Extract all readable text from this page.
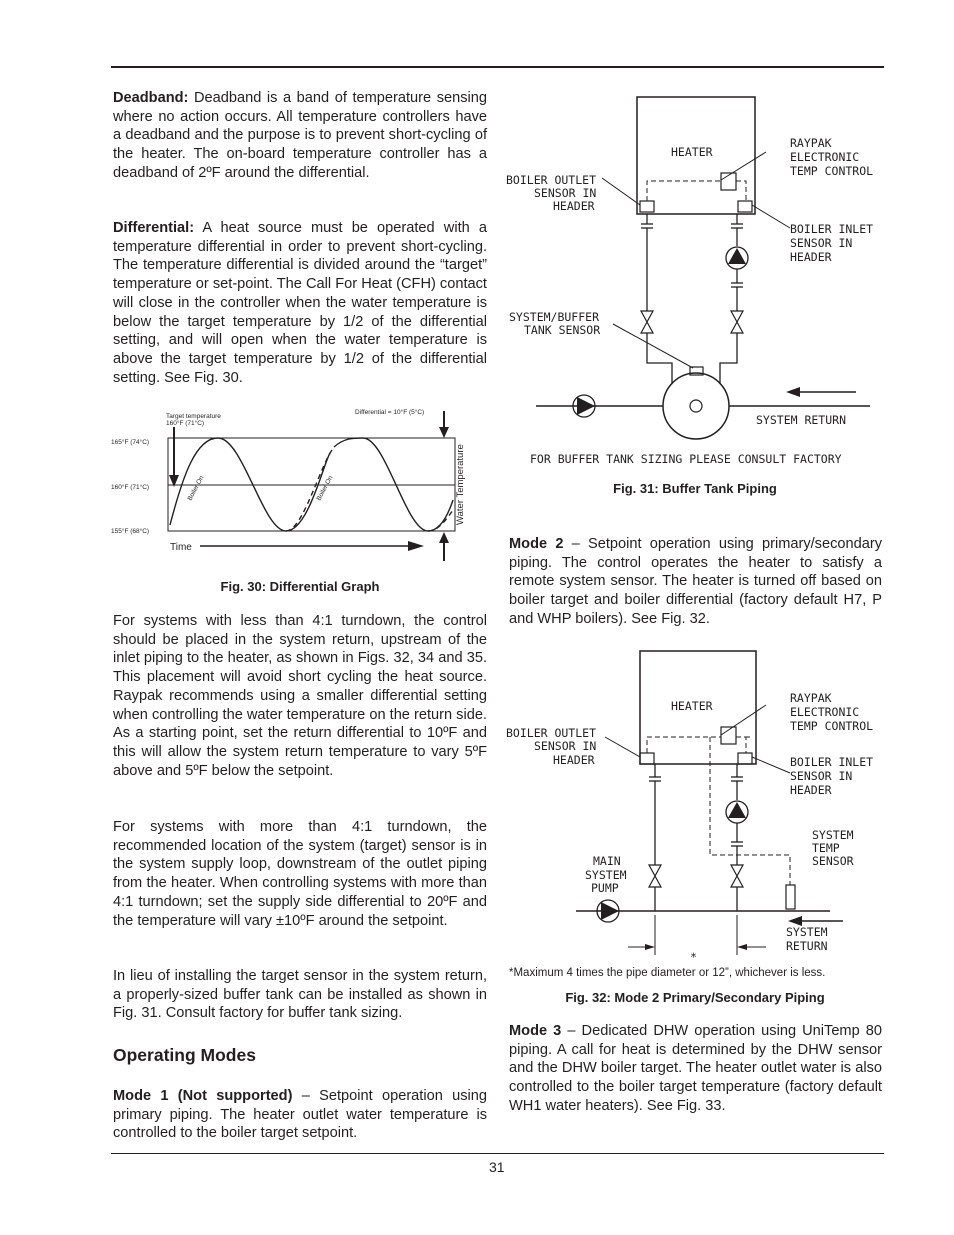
Deadband: Deadband is a band of temperature sensing where no action occurs. All temperature controllers have a deadband and the purpose is to prevent short-cycling of the heater. The on-board temperature controller has a deadband of 2ºF around the differential.

Differential: A heat source must be operated with a temperature differential in order to prevent short-cycling. The temperature differential is divided around the “target” temperature or set-point. The Call For Heat (CFH) contact will close in the controller when the water temperature is below the target temperature by 1/2 of the differential setting, and will open when the water temperature is above the target temperature by 1/2 of the differential setting. See Fig. 30.

Target temperature
160°F (71°C)
Differential = 10°F (5°C)
165°F (74°C)
160°F (71°C)
155°F (68°C)
Boiler On	Boiler On	Water Temperature
Time
Fig. 30: Differential Graph

For systems with less than 4:1 turndown, the control should be placed in the system return, upstream of the inlet piping to the heater, as shown in Figs. 32, 34 and 35. This placement will avoid short cycling the heat source. Raypak recommends using a smaller differential setting when controlling the water temperature on the return side. As a starting point, set the return differential to 10ºF and this will allow the system return temperature to vary 5ºF above and 5ºF below the setpoint.

For systems with more than 4:1 turndown, the recommended location of the system (target) sensor is in the system supply loop, downstream of the outlet piping from the heater. When controlling systems with more than 4:1 turndown; set the supply side differential to 20ºF and the temperature will vary ±10ºF around the setpoint.

In lieu of installing the target sensor in the system return, a properly-sized buffer tank can be installed as shown in Fig. 31. Consult factory for buffer tank sizing.

Operating Modes

Mode 1 (Not supported) – Setpoint operation using primary piping. The heater outlet water temperature is controlled to the boiler target setpoint.

HEATER
RAYPAK
ELECTRONIC
TEMP CONTROL
BOILER OUTLET
SENSOR IN
HEADER
BOILER INLET
SENSOR IN
HEADER
SYSTEM/BUFFER
TANK SENSOR
SYSTEM RETURN
FOR BUFFER TANK SIZING PLEASE CONSULT FACTORY
Fig. 31: Buffer Tank Piping

Mode 2 – Setpoint operation using primary/secondary piping. The control operates the heater to satisfy a remote system sensor. The heater is turned off based on boiler target and boiler differential (factory default H7, P and WHP boilers). See Fig. 32.

HEATER
*
RAYPAK
ELECTRONIC
TEMP CONTROL
BOILER OUTLET
SENSOR IN
HEADER	BOILER INLET
SENSOR IN
HEADER
SYSTEM
TEMP
SENSOR
MAIN
SYSTEM
PUMP
SYSTEM
RETURN
*Maximum 4 times the pipe diameter or 12”, whichever is less.
Fig. 32: Mode 2 Primary/Secondary Piping

Mode 3 – Dedicated DHW operation using UniTemp 80 piping. A call for heat is determined by the DHW sensor and the DHW boiler target. The heater outlet water is also controlled to the boiler target temperature (factory default WH1 water heaters). See Fig. 33.

31
